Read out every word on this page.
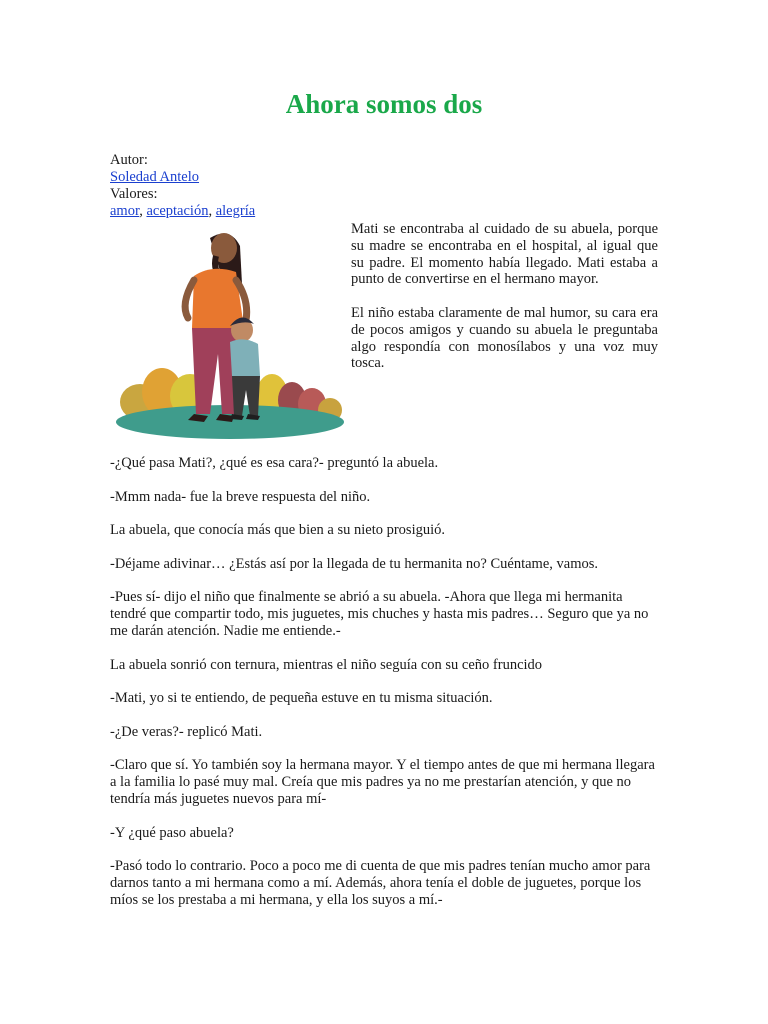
Ahora somos dos
Autor:
Soledad Antelo
Valores:
amor, aceptación, alegría

Mati se encontraba al cuidado de su abuela, porque su madre se encontraba en el hospital, al igual que su padre. El momento había llegado. Mati estaba a punto de convertirse en el hermano mayor.

El niño estaba claramente de mal humor, su cara era de pocos amigos y cuando su abuela le preguntaba algo respondía con monosílabos y una voz muy tosca.

-¿Qué pasa Mati?, ¿qué es esa cara?- preguntó la abuela.

-Mmm nada- fue la breve respuesta del niño.

La abuela, que conocía más que bien a su nieto prosiguió.

-Déjame adivinar… ¿Estás así por la llegada de tu hermanita no? Cuéntame, vamos.

-Pues sí- dijo el niño que finalmente se abrió a su abuela. -Ahora que llega mi hermanita tendré que compartir todo, mis juguetes, mis chuches y hasta mis padres… Seguro que ya no me darán atención. Nadie me entiende.-

La abuela sonrió con ternura, mientras el niño seguía con su ceño fruncido

-Mati, yo si te entiendo, de pequeña estuve en tu misma situación.

-¿De veras?- replicó Mati.

-Claro que sí. Yo también soy la hermana mayor. Y el tiempo antes de que mi hermana llegara a la familia lo pasé muy mal. Creía que mis padres ya no me prestarían atención, y que no tendría más juguetes nuevos para mí-

-Y ¿qué paso abuela?

-Pasó todo lo contrario. Poco a poco me di cuenta de que mis padres tenían mucho amor para darnos tanto a mi hermana como a mí. Además, ahora tenía el doble de juguetes, porque los míos se los prestaba a mi hermana, y ella los suyos a mí.-
